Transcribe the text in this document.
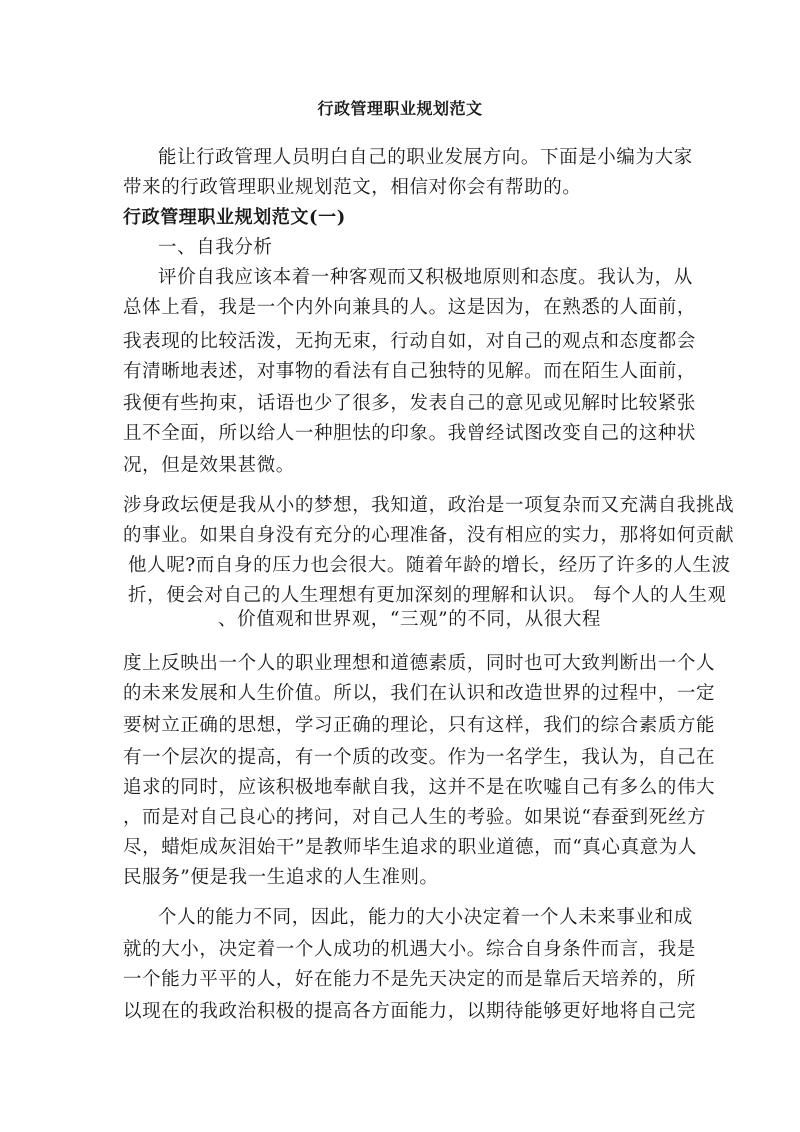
行政管理职业规划范文
能让行政管理人员明白自己的职业发展方向。下面是小编为大家
带来的行政管理职业规划范文，相信对你会有帮助的。
行政管理职业规划范文(一)
一、自我分析
评价自我应该本着一种客观而又积极地原则和态度。我认为，从
总体上看，我是一个内外向兼具的人。这是因为，在熟悉的人面前，
我表现的比较活泼，无拘无束，行动自如，对自己的观点和态度都会
有清晰地表述，对事物的看法有自己独特的见解。而在陌生人面前，
我便有些拘束，话语也少了很多，发表自己的意见或见解时比较紧张
且不全面，所以给人一种胆怯的印象。我曾经试图改变自己的这种状
况，但是效果甚微。
涉身政坛便是我从小的梦想，我知道，政治是一项复杂而又充满自我挑战
的事业。如果自身没有充分的心理准备，没有相应的实力，那将如何贡献
他人呢?而自身的压力也会很大。随着年龄的增长，经历了许多的人生波
折，便会对自己的人生理想有更加深刻的理解和认识。 每个人的人生观
、价值观和世界观，“三观”的不同，从很大程
度上反映出一个人的职业理想和道德素质，同时也可大致判断出一个人
的未来发展和人生价值。所以，我们在认识和改造世界的过程中，一定
要树立正确的思想，学习正确的理论，只有这样，我们的综合素质方能
有一个层次的提高，有一个质的改变。作为一名学生，我认为，自己在
追求的同时，应该积极地奉献自我，这并不是在吹嘘自己有多么的伟大
，而是对自己良心的拷问，对自己人生的考验。如果说“春蚕到死丝方
尽，蜡炬成灰泪始干”是教师毕生追求的职业道德，而“真心真意为人
民服务”便是我一生追求的人生准则。
个人的能力不同，因此，能力的大小决定着一个人未来事业和成
就的大小，决定着一个人成功的机遇大小。综合自身条件而言，我是
一个能力平平的人，好在能力不是先天决定的而是靠后天培养的，所
以现在的我政治积极的提高各方面能力，以期待能够更好地将自己完
